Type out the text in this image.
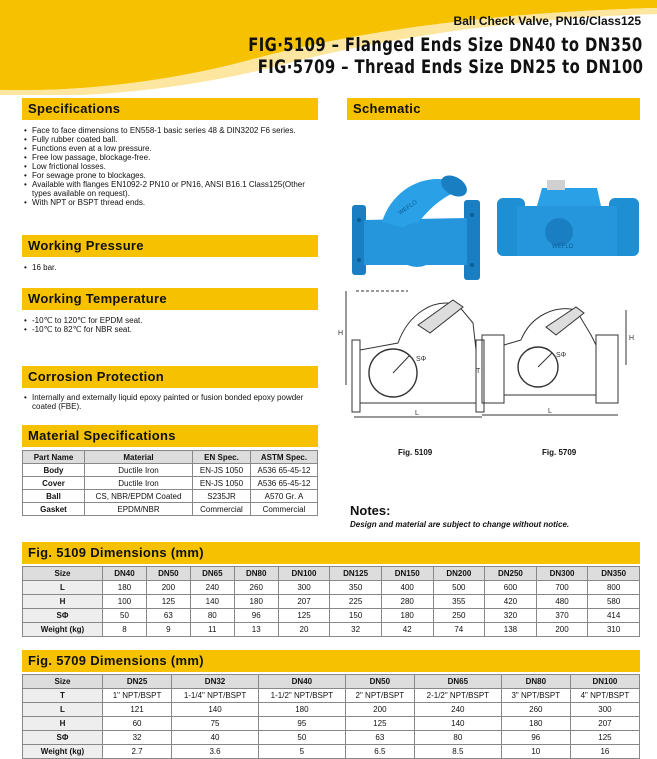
Ball Check Valve, PN16/Class125
FIG·5109 – Flanged Ends Size DN40 to DN350
FIG·5709 – Thread Ends Size DN25 to DN100
Specifications
• Face to face dimensions to EN558-1 basic series 48 & DIN3202 F6 series.
• Fully rubber coated ball.
• Functions even at a low pressure.
• Free low passage, blockage-free.
• Low frictional losses.
• For sewage prone to blockages.
• Available with flanges EN1092-2 PN10 or PN16, ANSI B16.1 Class125(Other types available on request).
• With NPT or BSPT thread ends.
Working Pressure
• 16 bar.
Working Temperature
• -10℃ to 120℃ for EPDM seat.
• -10℃ to 82℃ for NBR seat.
Corrosion Protection
• Internally and externally liquid epoxy painted or fusion bonded epoxy powder coated (FBE).
Material Specifications
Part Name	Material	EN Spec.	ASTM Spec.
Body	Ductile Iron	EN-JS 1050	A536 65-45-12
Cover	Ductile Iron	EN-JS 1050	A536 65-45-12
Ball	CS, NBR/EPDM Coated	S235JR	A570 Gr. A
Gasket	EPDM/NBR	Commercial	Commercial
Schematic
WEFLO
WEFLO
H
SΦ
L
SΦ
H
T
L
Fig. 5109	Fig. 5709
Notes:
Design and material are subject to change without notice.
Fig. 5109 Dimensions (mm)
Size	DN40	DN50	DN65	DN80	DN100	DN125	DN150	DN200	DN250	DN300	DN350
L	180	200	240	260	300	350	400	500	600	700	800
H	100	125	140	180	207	225	280	355	420	480	580
SΦ	50	63	80	96	125	150	180	250	320	370	414
Weight (kg)	8	9	11	13	20	32	42	74	138	200	310
Fig. 5709 Dimensions (mm)
Size	DN25	DN32	DN40	DN50	DN65	DN80	DN100
T	1" NPT/BSPT	1-1/4" NPT/BSPT	1-1/2" NPT/BSPT	2" NPT/BSPT	2-1/2" NPT/BSPT	3" NPT/BSPT	4" NPT/BSPT
L	121	140	180	200	240	260	300
H	60	75	95	125	140	180	207
SΦ	32	40	50	63	80	96	125
Weight (kg)	2.7	3.6	5	6.5	8.5	10	16
